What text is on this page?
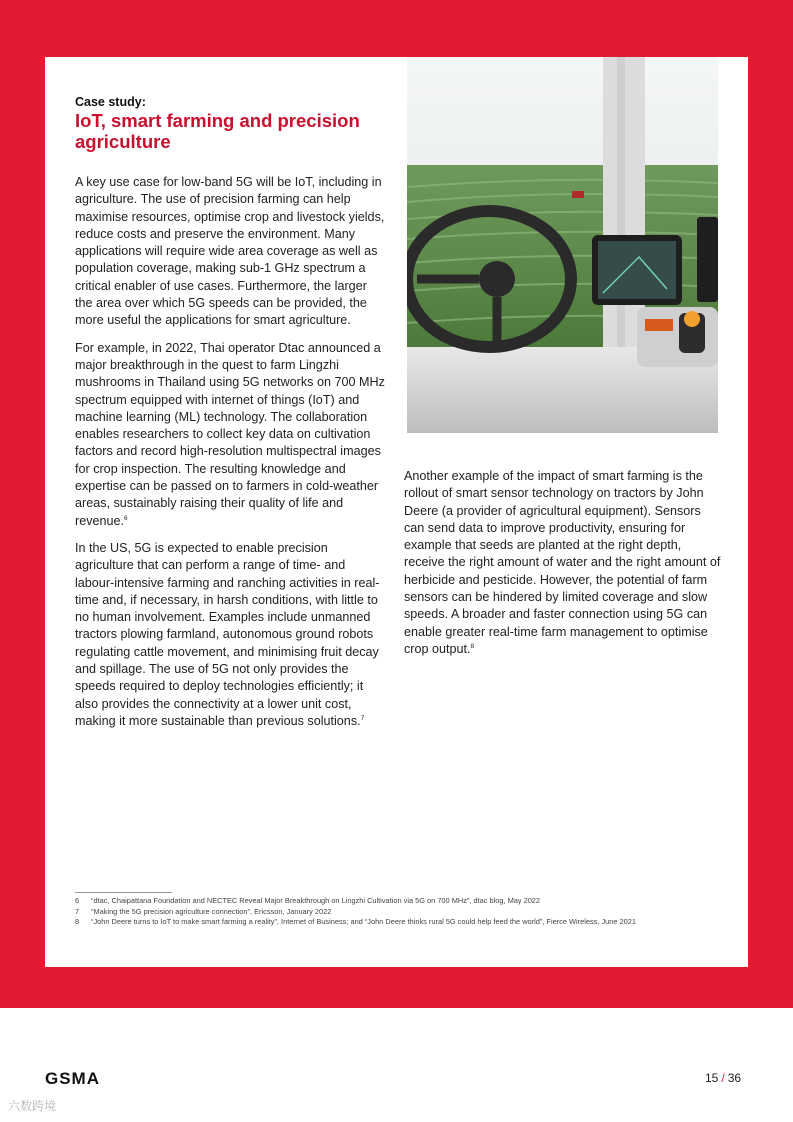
Case study:
IoT, smart farming and precision agriculture

A key use case for low-band 5G will be IoT, including in agriculture. The use of precision farming can help maximise resources, optimise crop and livestock yields, reduce costs and preserve the environment. Many applications will require wide area coverage as well as population coverage, making sub-1 GHz spectrum a critical enabler of use cases. Furthermore, the larger the area over which 5G speeds can be provided, the more useful the applications for smart agriculture.

For example, in 2022, Thai operator Dtac announced a major breakthrough in the quest to farm Lingzhi mushrooms in Thailand using 5G networks on 700 MHz spectrum equipped with internet of things (IoT) and machine learning (ML) technology. The collaboration enables researchers to collect key data on cultivation factors and record high-resolution multispectral images for crop inspection. The resulting knowledge and expertise can be passed on to farmers in cold-weather areas, sustainably raising their quality of life and revenue.$^6$

In the US, 5G is expected to enable precision agriculture that can perform a range of time- and labour-intensive farming and ranching activities in real-time and, if necessary, in harsh conditions, with little to no human involvement. Examples include unmanned tractors plowing farmland, autonomous ground robots regulating cattle movement, and minimising fruit decay and spillage. The use of 5G not only provides the speeds required to deploy technologies efficiently; it also provides the connectivity at a lower unit cost, making it more sustainable than previous solutions.$^7$

Another example of the impact of smart farming is the rollout of smart sensor technology on tractors by John Deere (a provider of agricultural equipment). Sensors can send data to improve productivity, ensuring for example that seeds are planted at the right depth, receive the right amount of water and the right amount of herbicide and pesticide. However, the potential of farm sensors can be hindered by limited coverage and slow speeds. A broader and faster connection using 5G can enable greater real-time farm management to optimise crop output.$^8$

6	“dtac, Chaipattana Foundation and NECTEC Reveal Major Breakthrough on Lingzhi Cultivation via 5G on 700 MHz”, dtac blog, May 2022
7	“Making the 5G precision agriculture connection”, Ericsson, January 2022
8	“John Deere turns to IoT to make smart farming a reality”, Internet of Business; and “John Deere thinks rural 5G could help feed the world”, Fierce Wireless, June 2021
GSMA	15 / 36
六数跨境
